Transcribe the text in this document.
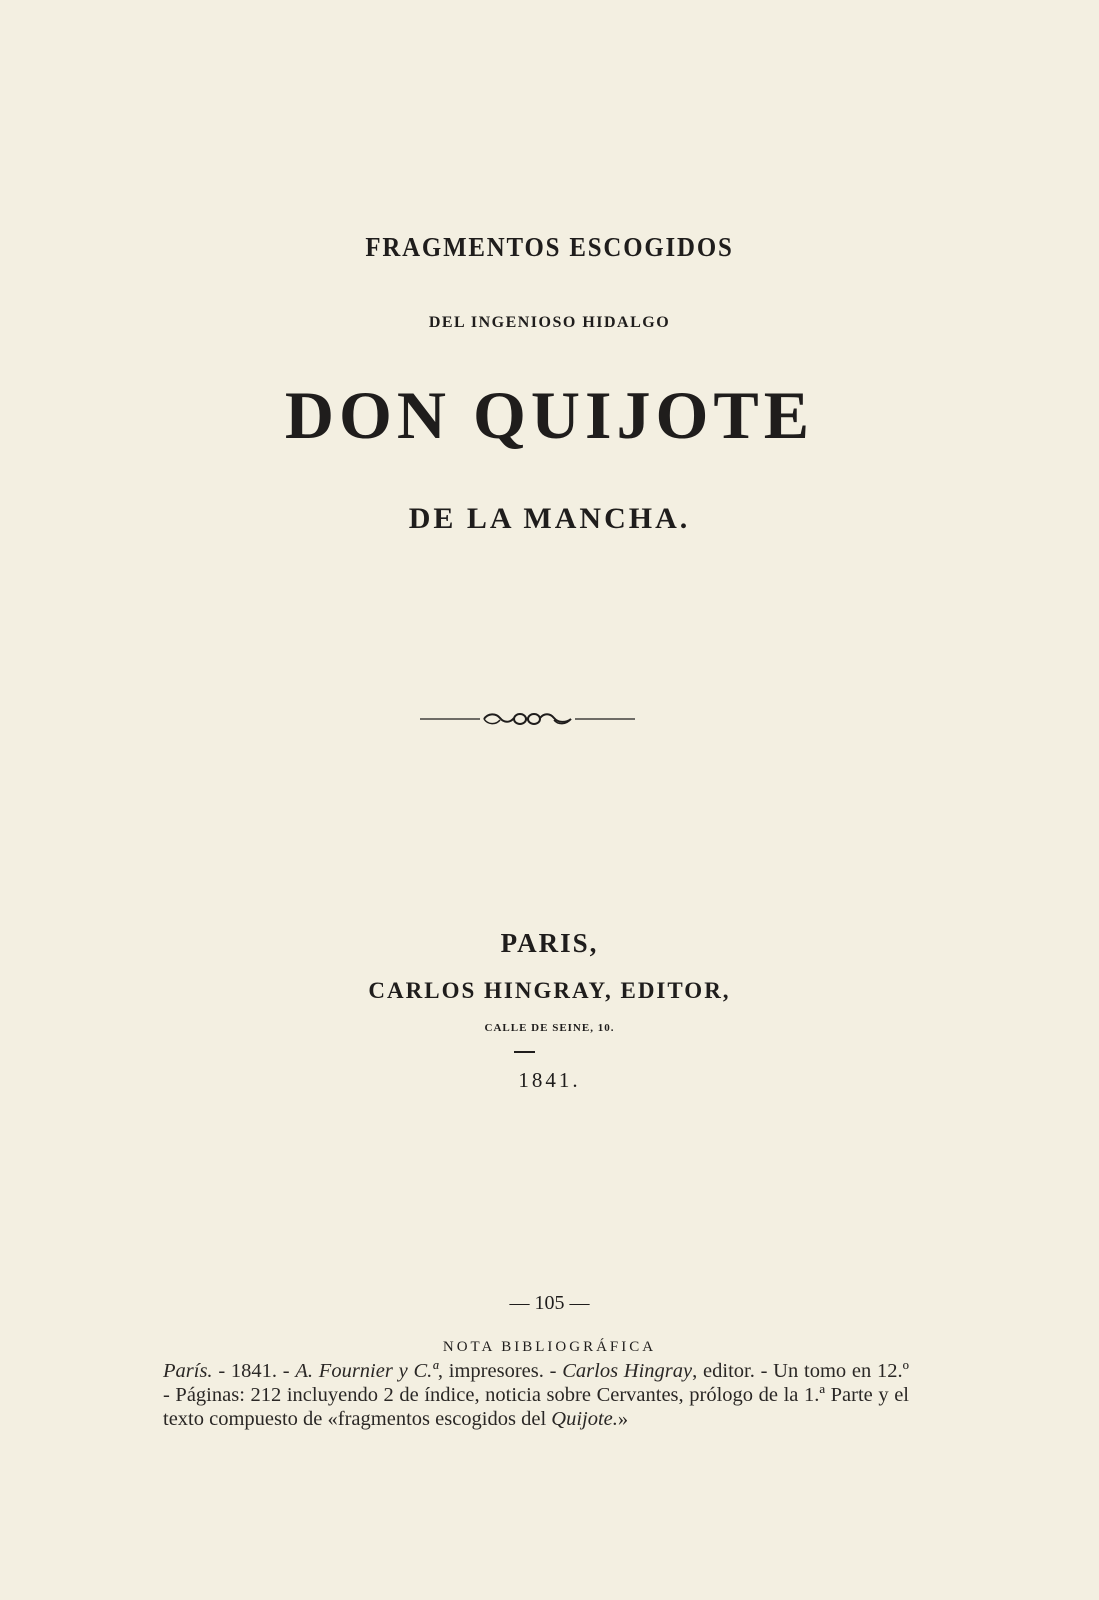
FRAGMENTOS ESCOGIDOS
DEL INGENIOSO HIDALGO
DON QUIJOTE
DE LA MANCHA.
PARIS,
CARLOS HINGRAY, EDITOR,
CALLE DE SEINE, 10.
1841.
— 105 —
NOTA BIBLIOGRÁFICA
París. - 1841. - A. Fournier y C.ª, impresores. - Carlos Hingray, editor. - Un tomo en 12.º - Páginas: 212 incluyendo 2 de índice, noticia sobre Cervantes, prólogo de la 1.ª Parte y el texto compuesto de «fragmentos escogidos del Quijote.»
